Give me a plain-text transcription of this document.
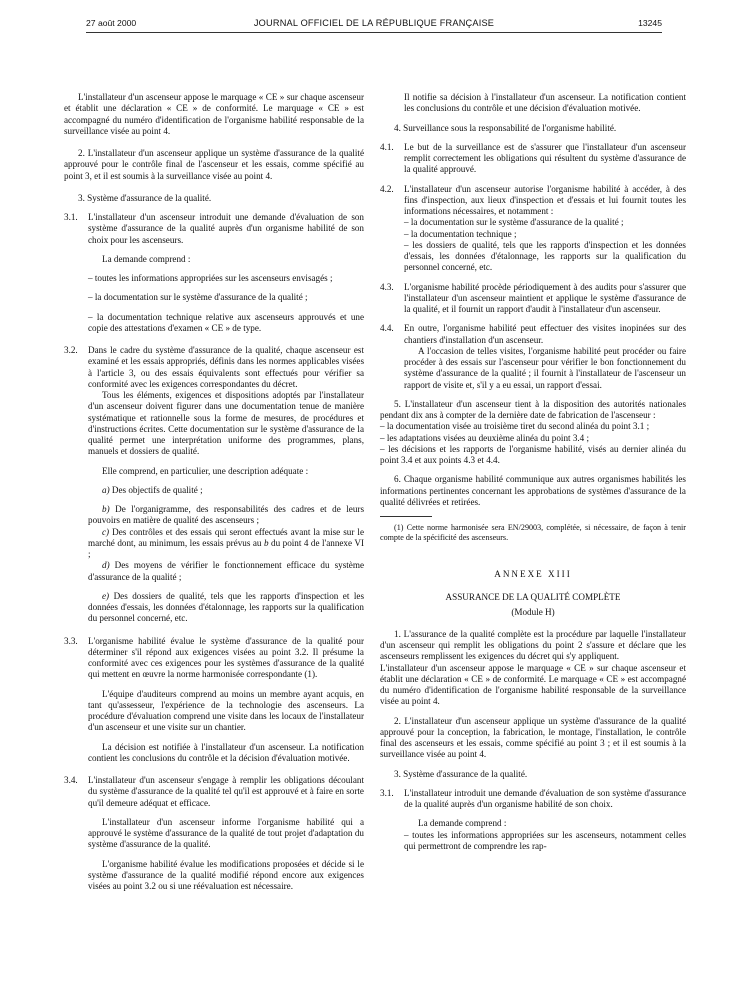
27 août 2000	JOURNAL OFFICIEL DE LA RÉPUBLIQUE FRANÇAISE	13245

L'installateur d'un ascenseur appose le marquage « CE » sur chaque ascenseur et établit une déclaration « CE » de conformité. Le marquage « CE » est accompagné du numéro d'identification de l'organisme habilité responsable de la surveillance visée au point 4.

2. L'installateur d'un ascenseur applique un système d'assurance de la qualité approuvé pour le contrôle final de l'ascenseur et les essais, comme spécifié au point 3, et il est soumis à la surveillance visée au point 4.

3. Système d'assurance de la qualité.

3.1.	L'installateur d'un ascenseur introduit une demande d'évaluation de son système d'assurance de la qualité auprès d'un organisme habilité de son choix pour les ascenseurs.

La demande comprend :

– toutes les informations appropriées sur les ascenseurs envisagés ;

– la documentation sur le système d'assurance de la qualité ;

– la documentation technique relative aux ascenseurs approuvés et une copie des attestations d'examen « CE » de type.

3.2.	Dans le cadre du système d'assurance de la qualité, chaque ascenseur est examiné et les essais appropriés, définis dans les normes applicables visées à l'article 3, ou des essais équivalents sont effectués pour vérifier sa conformité avec les exigences correspondantes du décret.

Tous les éléments, exigences et dispositions adoptés par l'installateur d'un ascenseur doivent figurer dans une documentation tenue de manière systématique et rationnelle sous la forme de mesures, de procédures et d'instructions écrites. Cette documentation sur le système d'assurance de la qualité permet une interprétation uniforme des programmes, plans, manuels et dossiers de qualité.

Elle comprend, en particulier, une description adéquate :

a) Des objectifs de qualité ;

b) De l'organigramme, des responsabilités des cadres et de leurs pouvoirs en matière de qualité des ascenseurs ;

c) Des contrôles et des essais qui seront effectués avant la mise sur le marché dont, au minimum, les essais prévus au b du point 4 de l'annexe VI ;

d) Des moyens de vérifier le fonctionnement efficace du système d'assurance de la qualité ;

e) Des dossiers de qualité, tels que les rapports d'inspection et les données d'essais, les données d'étalonnage, les rapports sur la qualification du personnel concerné, etc.

3.3.	L'organisme habilité évalue le système d'assurance de la qualité pour déterminer s'il répond aux exigences visées au point 3.2. Il présume la conformité avec ces exigences pour les systèmes d'assurance de la qualité qui mettent en œuvre la norme harmonisée correspondante (1).

L'équipe d'auditeurs comprend au moins un membre ayant acquis, en tant qu'assesseur, l'expérience de la technologie des ascenseurs. La procédure d'évaluation comprend une visite dans les locaux de l'installateur d'un ascenseur et une visite sur un chantier.

La décision est notifiée à l'installateur d'un ascenseur. La notification contient les conclusions du contrôle et la décision d'évaluation motivée.

3.4.	L'installateur d'un ascenseur s'engage à remplir les obligations découlant du système d'assurance de la qualité tel qu'il est approuvé et à faire en sorte qu'il demeure adéquat et efficace.

L'installateur d'un ascenseur informe l'organisme habilité qui a approuvé le système d'assurance de la qualité de tout projet d'adaptation du système d'assurance de la qualité.

L'organisme habilité évalue les modifications proposées et décide si le système d'assurance de la qualité modifié répond encore aux exigences visées au point 3.2 ou si une réévaluation est nécessaire.

Il notifie sa décision à l'installateur d'un ascenseur. La notification contient les conclusions du contrôle et une décision d'évaluation motivée.

4. Surveillance sous la responsabilité de l'organisme habilité.

4.1.	Le but de la surveillance est de s'assurer que l'installateur d'un ascenseur remplit correctement les obligations qui résultent du système d'assurance de la qualité approuvé.

4.2.	L'installateur d'un ascenseur autorise l'organisme habilité à accéder, à des fins d'inspection, aux lieux d'inspection et d'essais et lui fournit toutes les informations nécessaires, et notamment :

– la documentation sur le système d'assurance de la qualité ;

– la documentation technique ;

– les dossiers de qualité, tels que les rapports d'inspection et les données d'essais, les données d'étalonnage, les rapports sur la qualification du personnel concerné, etc.

4.3.	L'organisme habilité procède périodiquement à des audits pour s'assurer que l'installateur d'un ascenseur maintient et applique le système d'assurance de la qualité, et il fournit un rapport d'audit à l'installateur d'un ascenseur.

4.4.	En outre, l'organisme habilité peut effectuer des visites inopinées sur des chantiers d'installation d'un ascenseur.

A l'occasion de telles visites, l'organisme habilité peut procéder ou faire procéder à des essais sur l'ascenseur pour vérifier le bon fonctionnement du système d'assurance de la qualité ; il fournit à l'installateur de l'ascenseur un rapport de visite et, s'il y a eu essai, un rapport d'essai.

5. L'installateur d'un ascenseur tient à la disposition des autorités nationales pendant dix ans à compter de la dernière date de fabrication de l'ascenseur :

– la documentation visée au troisième tiret du second alinéa du point 3.1 ;

– les adaptations visées au deuxième alinéa du point 3.4 ;

– les décisions et les rapports de l'organisme habilité, visés au dernier alinéa du point 3.4 et aux points 4.3 et 4.4.

6. Chaque organisme habilité communique aux autres organismes habilités les informations pertinentes concernant les approbations de systèmes d'assurance de la qualité délivrées et retirées.

(1) Cette norme harmonisée sera EN/29003, complétée, si nécessaire, de façon à tenir compte de la spécificité des ascenseurs.

ANNEXE XIII

ASSURANCE DE LA QUALITÉ COMPLÈTE

(Module H)

1. L'assurance de la qualité complète est la procédure par laquelle l'installateur d'un ascenseur qui remplit les obligations du point 2 s'assure et déclare que les ascenseurs remplissent les exigences du décret qui s'y appliquent.

L'installateur d'un ascenseur appose le marquage « CE » sur chaque ascenseur et établit une déclaration « CE » de conformité. Le marquage « CE » est accompagné du numéro d'identification de l'organisme habilité responsable de la surveillance visée au point 4.

2. L'installateur d'un ascenseur applique un système d'assurance de la qualité approuvé pour la conception, la fabrication, le montage, l'installation, le contrôle final des ascenseurs et les essais, comme spécifié au point 3 ; et il est soumis à la surveillance visée au point 4.

3. Système d'assurance de la qualité.

3.1.	L'installateur introduit une demande d'évaluation de son système d'assurance de la qualité auprès d'un organisme habilité de son choix.

La demande comprend :

– toutes les informations appropriées sur les ascenseurs, notamment celles qui permettront de comprendre les rap-
